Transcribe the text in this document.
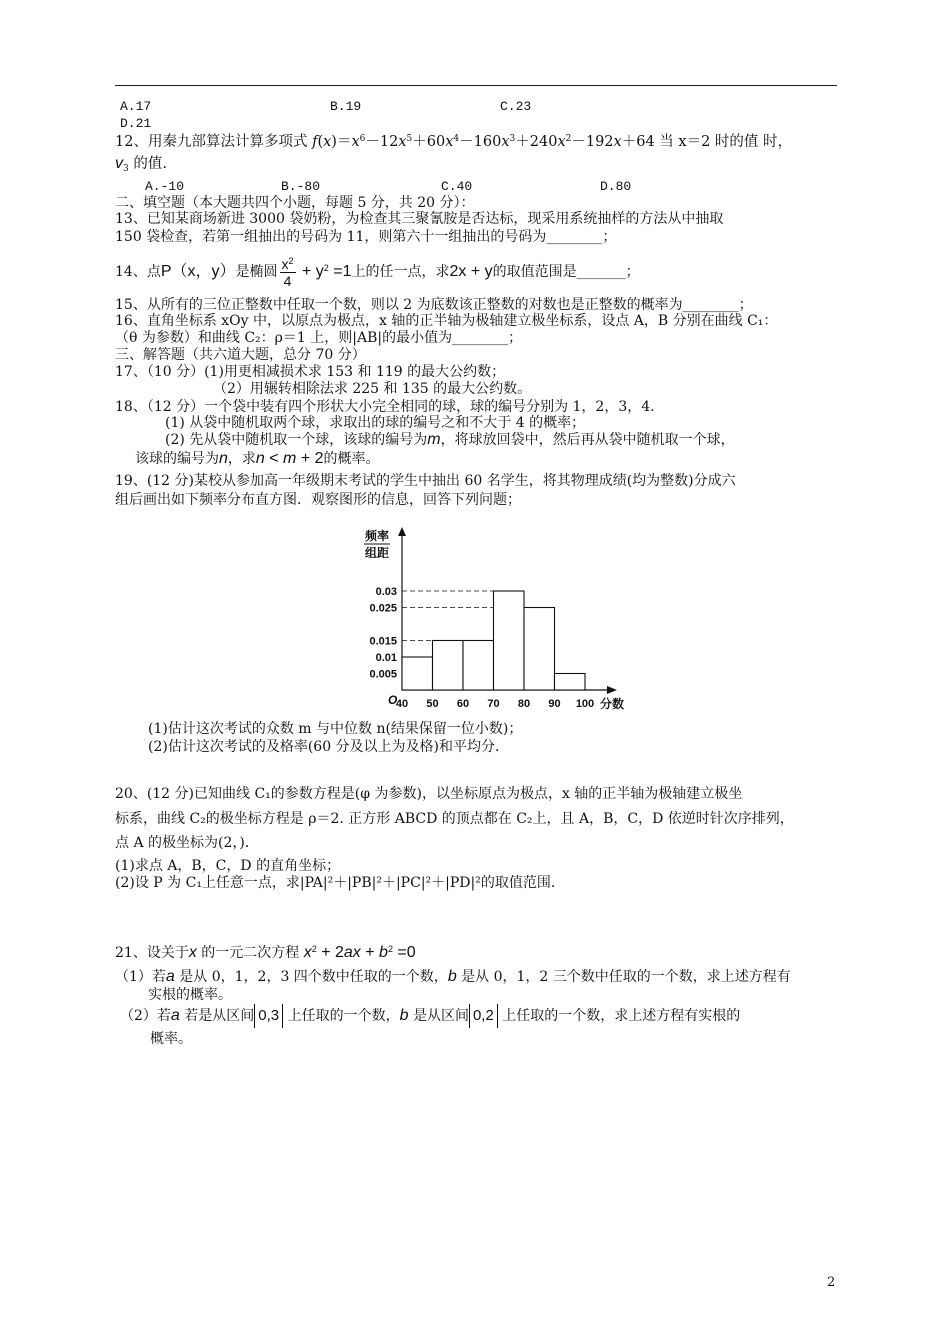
A.17	B.19	C.23
D.21
12、用秦九部算法计算多项式 $f(x)=x^6-12x^5+60x^4-160x^3+240x^2-192x+64$ 当 x＝2 时的值 时，
$v_3$ 的值.
A.-10	B.-80	C.40	D.80
二、填空题（本大题共四个小题，每题 5 分，共 20 分）：
13、已知某商场新进 3000 袋奶粉，为检查其三聚氰胺是否达标，现采用系统抽样的方法从中抽取
150 袋检查，若第一组抽出的号码为 11，则第六十一组抽出的号码为________；
14、点P（x，y）是椭圆 $\frac{x^2}{4} + y^2 =1$上的任一点，求2x + y的取值范围是_______；
15、从所有的三位正整数中任取一个数，则以 2 为底数该正整数的对数也是正整数的概率为________；
16、直角坐标系 xOy 中，以原点为极点，x 轴的正半轴为极轴建立极坐标系，设点 A，B 分别在曲线 C₁：
（θ 为参数）和曲线 C₂：ρ＝1 上，则|AB|的最小值为________；
三、解答题（共六道大题，总分 70 分）
17、（10 分）(1)用更相减损术求 153 和 119 的最大公约数；
（2）用辗转相除法求 225 和 135 的最大公约数。
18、（12 分）一个袋中装有四个形状大小完全相同的球，球的编号分别为 1，2，3，4.
(1) 从袋中随机取两个球，求取出的球的编号之和不大于 4 的概率；
(2) 先从袋中随机取一个球，该球的编号为m，将球放回袋中，然后再从袋中随机取一个球，
该球的编号为n，求n < m + 2的概率。
19、(12 分)某校从参加高一年级期末考试的学生中抽出 60 名学生，将其物理成绩(均为整数)分成六
组后画出如下频率分布直方图．观察图形的信息，回答下列问题；
频率
组距
O
0.03
0.025
0.015
0.01
0.005
40 50 60 70 80 90 100 分数
(1)估计这次考试的众数 m 与中位数 n(结果保留一位小数)；
(2)估计这次考试的及格率(60 分及以上为及格)和平均分．
20、(12 分)已知曲线 C₁的参数方程是(φ 为参数)，以坐标原点为极点，x 轴的正半轴为极轴建立极坐
标系，曲线 C₂的极坐标方程是 ρ＝2. 正方形 ABCD 的顶点都在 C₂上，且 A，B，C，D 依逆时针次序排列，
点 A 的极坐标为(2，)．
(1)求点 A，B，C，D 的直角坐标；
(2)设 P 为 C₁上任意一点，求|PA|²＋|PB|²＋|PC|²＋|PD|²的取值范围．
21、设关于x 的一元二次方程 $x^2 + 2ax + b^2 =0$
（1）若a 是从 0，1，2，3 四个数中任取的一个数，b 是从 0，1，2 三个数中任取的一个数，求上述方程有
实根的概率。
（2）若a 若是从区间 0,3 上任取的一个数，b 是从区间 0,2 上任取的一个数，求上述方程有实根的
概率。
2
